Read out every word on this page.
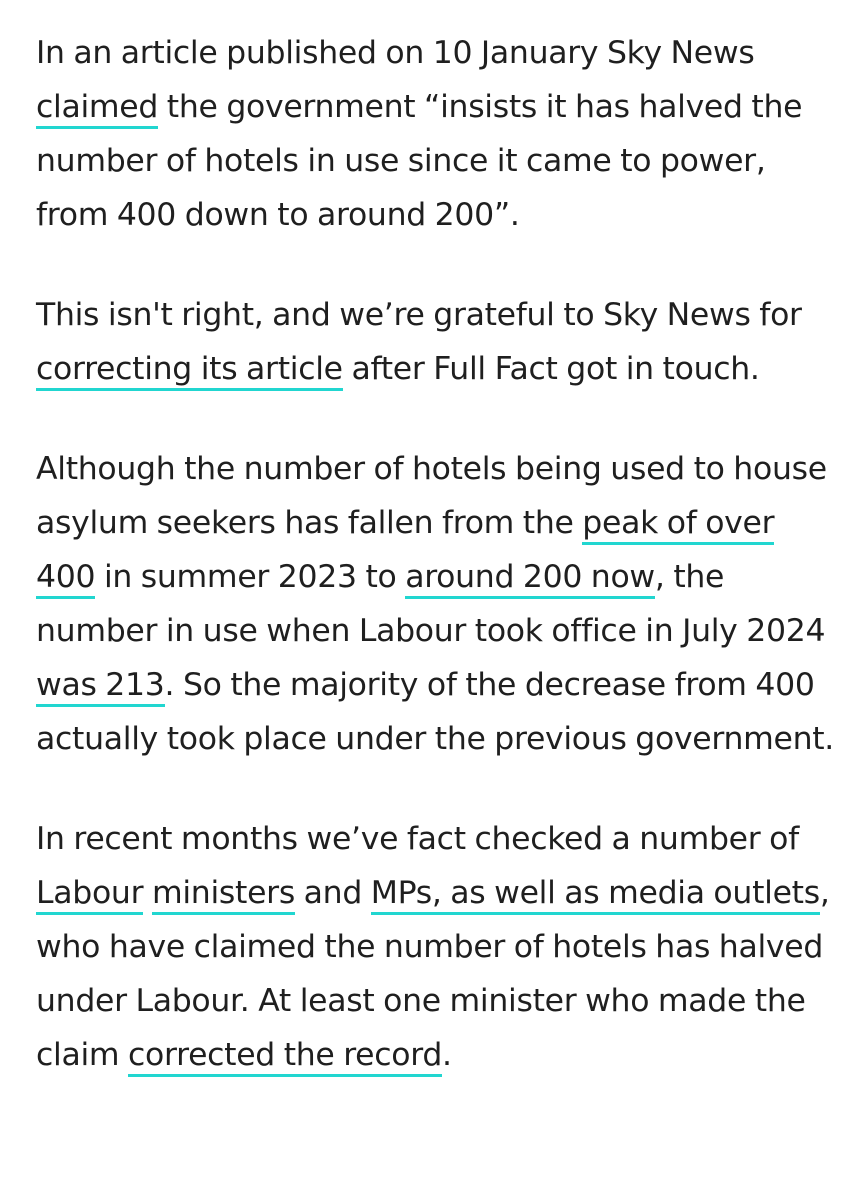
In an article published on 10 January Sky News claimed the government “insists it has halved the number of hotels in use since it came to power, from 400 down to around 200”.

This isn't right, and we’re grateful to Sky News for correcting its article after Full Fact got in touch.

Although the number of hotels being used to house asylum seekers has fallen from the peak of over 400 in summer 2023 to around 200 now, the number in use when Labour took office in July 2024 was 213. So the majority of the decrease from 400 actually took place under the previous government.

In recent months we’ve fact checked a number of Labour ministers and MPs, as well as media outlets, who have claimed the number of hotels has halved under Labour. At least one minister who made the claim corrected the record.
